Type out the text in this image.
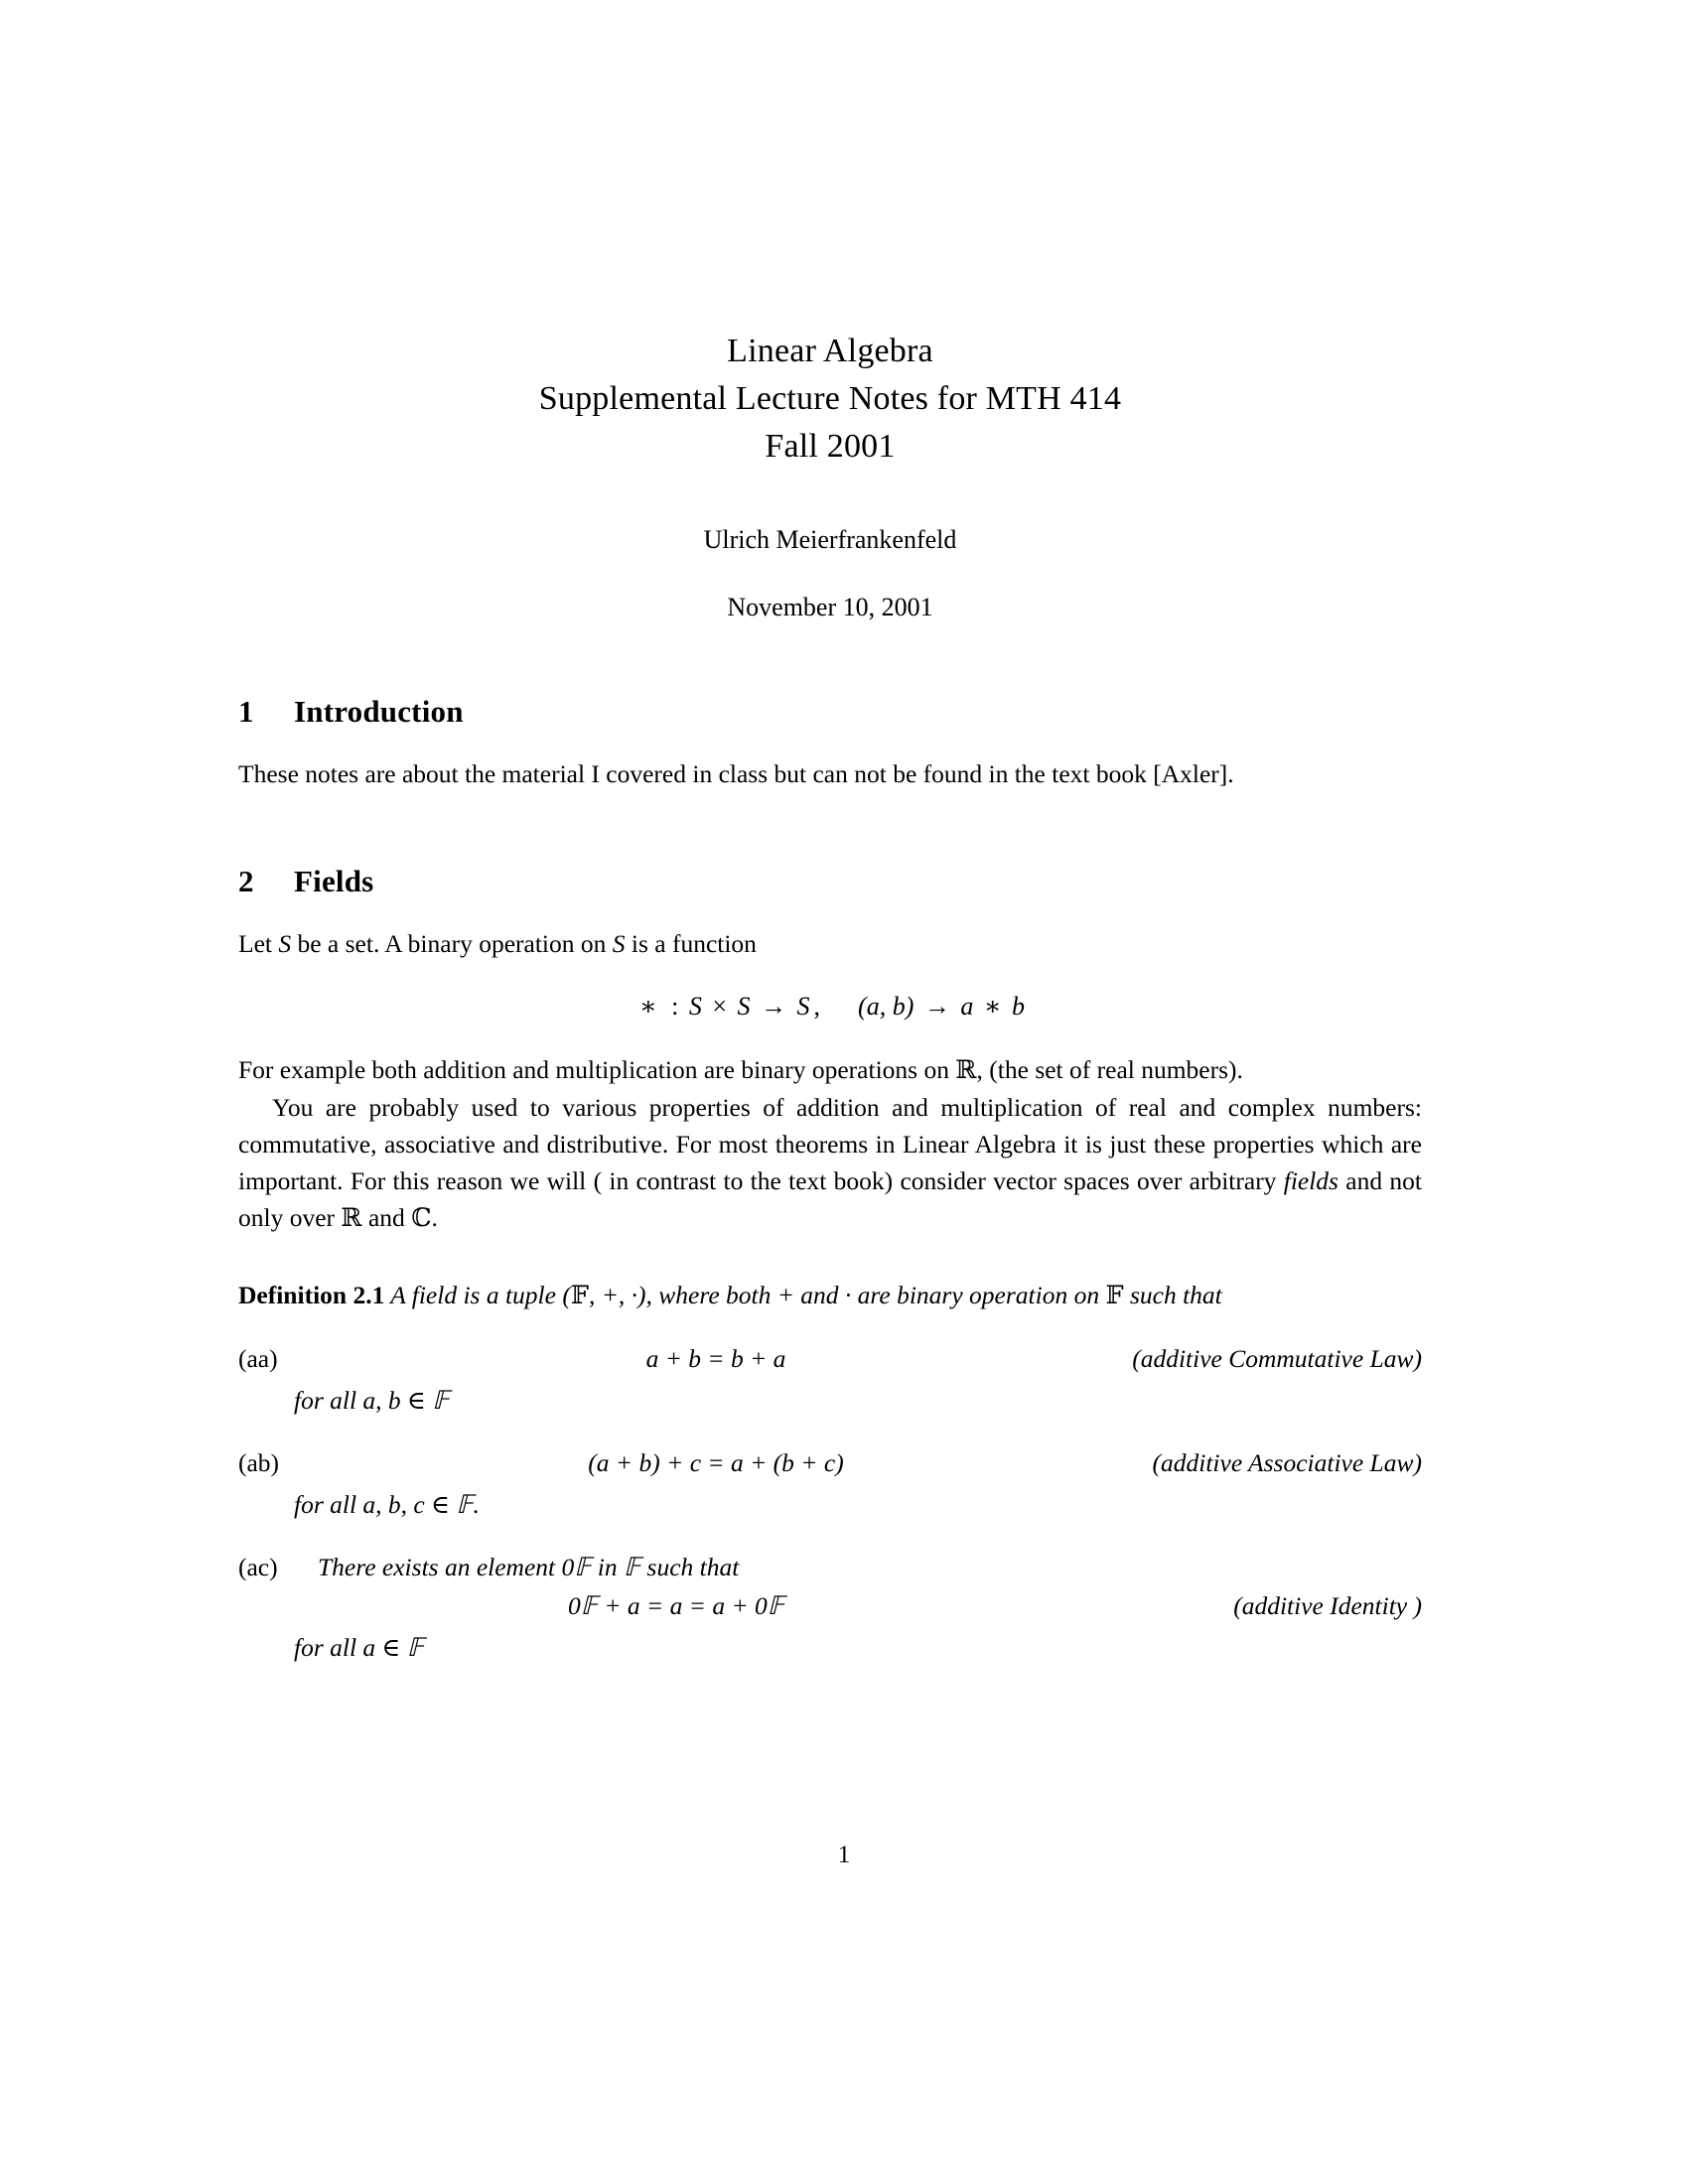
Linear Algebra
Supplemental Lecture Notes for MTH 414
Fall 2001
Ulrich Meierfrankenfeld
November 10, 2001
1 Introduction

These notes are about the material I covered in class but can not be found in the text book [Axler].

2 Fields

Let S be a set. A binary operation on S is a function

∗ : S × S → S , (a, b) → a ∗ b

For example both addition and multiplication are binary operations on ℝ, (the set of real numbers).

You are probably used to various properties of addition and multiplication of real and complex numbers: commutative, associative and distributive. For most theorems in Linear Algebra it is just these properties which are important. For this reason we will ( in contrast to the text book) consider vector spaces over arbitrary fields and not only over ℝ and ℂ.

Definition 2.1 A field is a tuple (𝔽, +, ·), where both + and · are binary operation on 𝔽 such that
(aa)	a + b = b + a	(additive Commutative Law)
for all a, b ∈ 𝔽
(ab)	(a + b) + c = a + (b + c)	(additive Associative Law)
for all a, b, c ∈ 𝔽.
(ac)	There exists an element 0𝔽 in 𝔽 such that
0𝔽 + a = a = a + 0𝔽	(additive Identity )
for all a ∈ 𝔽
1
